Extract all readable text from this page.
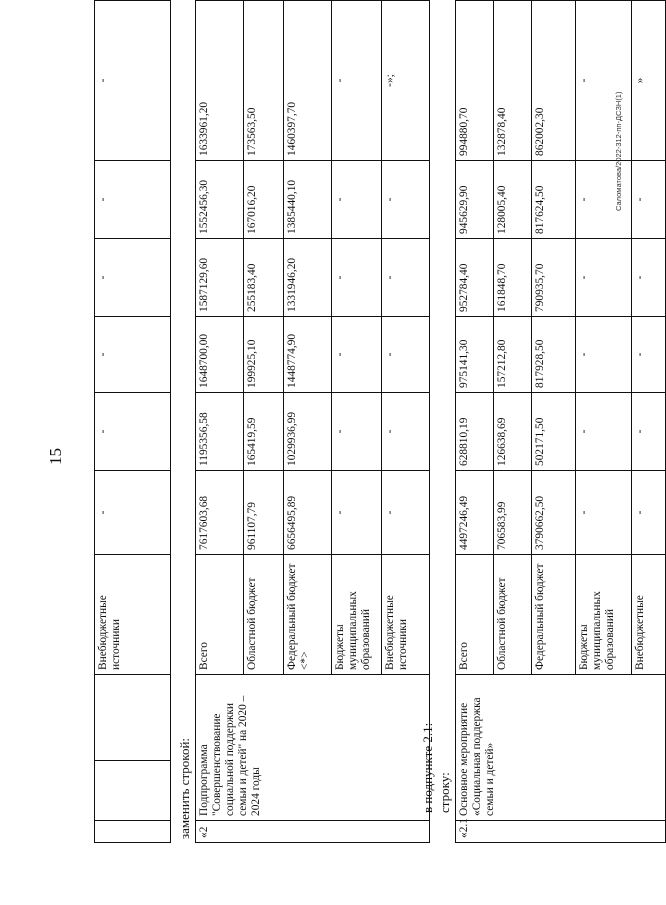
15
Саломатова/2022-312-пп-ДСЗН(1)
			Внебюджетные источники	-	-	-	-	-	-
заменить строкой: «2	Подпрограмма "Совершенствование социальной поддержки семьи и детей" на 2020 – 2024 годы	Всего	7617603,68	1195356,58	1648700,00	1587129,60	1552456,30	1633961,20
		Областной бюджет	961107,79	165419,59	199925,10	255183,40	167016,20	173563,50
		Федеральный бюджет <*>	6656495,89	1029936,99	1448774,90	1331946,20	1385440,10	1460397,70
		Бюджеты муниципальных образований	-	-	-	-	-	-
		Внебюджетные источники	-	-	-	-	-	-»;
в подпункте 2.1: строку:
«2.1	Основное мероприятие «Социальная поддержка семьи и детей»	Всего	4497246,49	628810,19	975141,30	952784,40	945629,90	994880,70
		Областной бюджет	706583,99	126638,69	157212,80	161848,70	128005,40	132878,40
		Федеральный бюджет	3790662,50	502171,50	817928,50	790935,70	817624,50	862002,30
		Бюджеты муниципальных образований	-	-	-	-	-	-
		Внебюджетные	-	-	-	-	-	»
